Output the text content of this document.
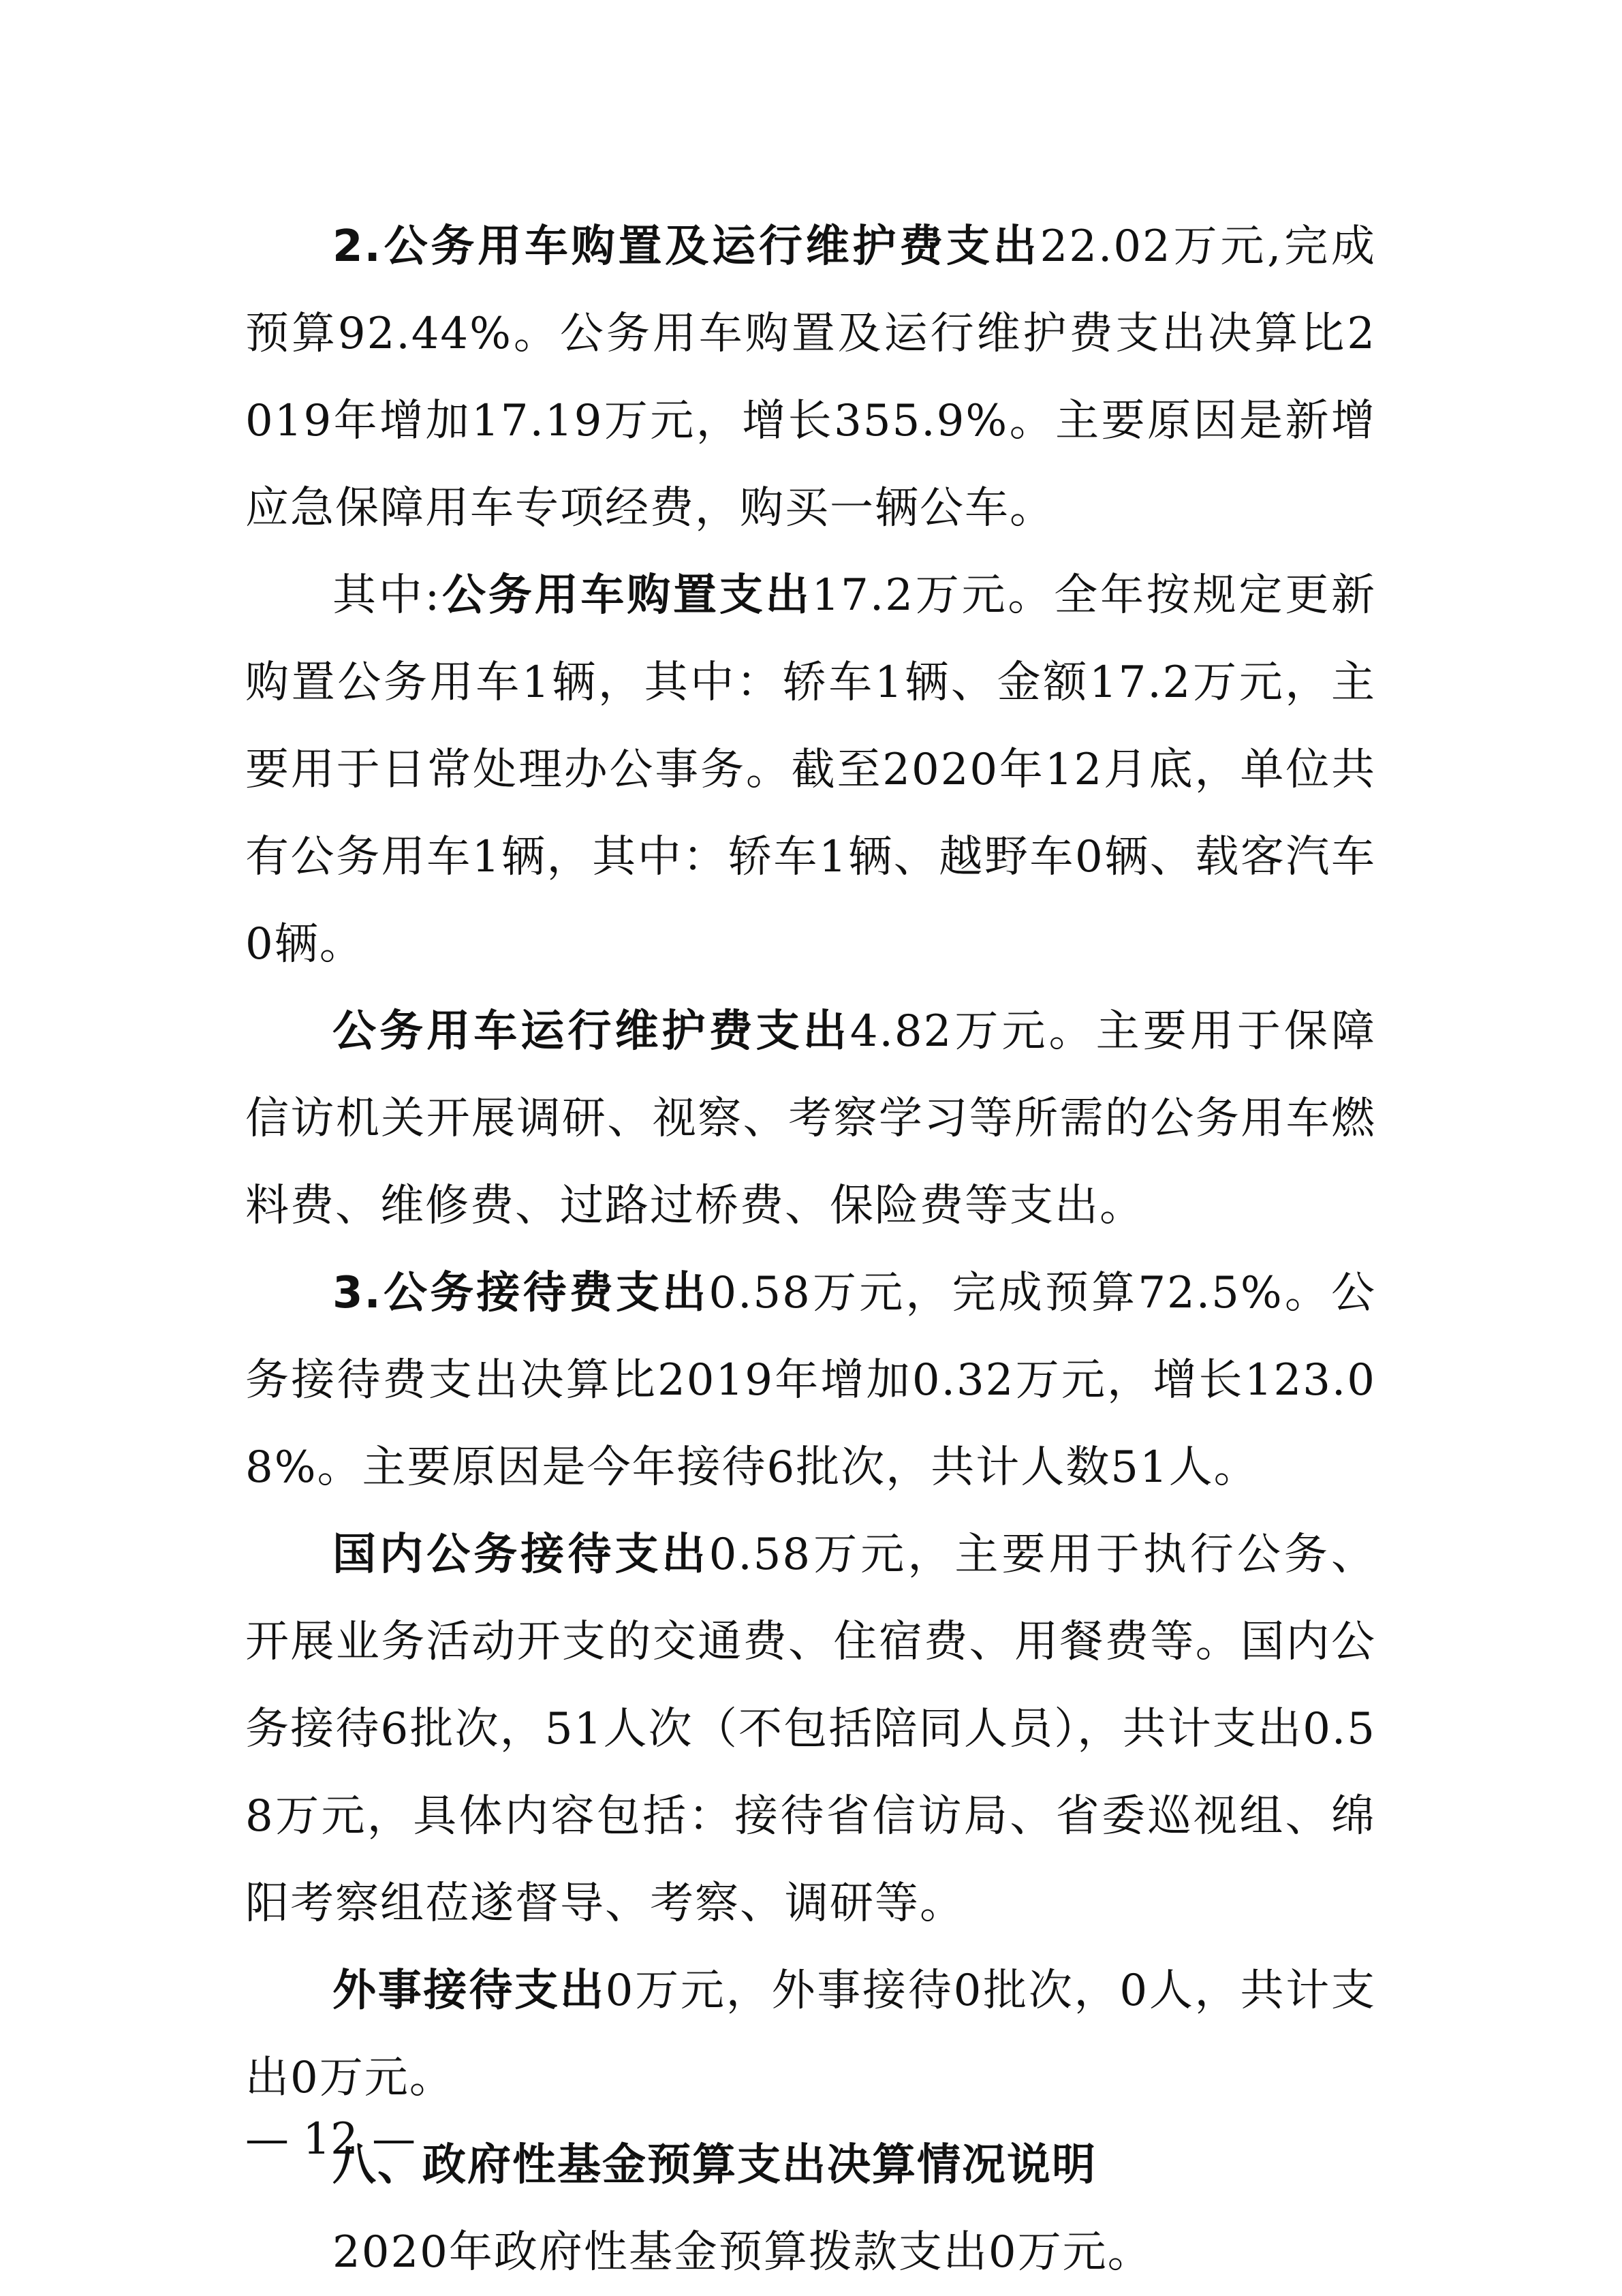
2.公务用车购置及运行维护费支出22.02万元,完成预算92.44%。公务用车购置及运行维护费支出决算比2019年增加17.19万元，增长355.9%。主要原因是新增应急保障用车专项经费，购买一辆公车。

其中:公务用车购置支出17.2万元。全年按规定更新购置公务用车1辆，其中：轿车1辆、金额17.2万元，主要用于日常处理办公事务。截至2020年12月底，单位共有公务用车1辆，其中：轿车1辆、越野车0辆、载客汽车0辆。

公务用车运行维护费支出4.82万元。主要用于保障信访机关开展调研、视察、考察学习等所需的公务用车燃料费、维修费、过路过桥费、保险费等支出。

3.公务接待费支出0.58万元，完成预算72.5%。公务接待费支出决算比2019年增加0.32万元，增长123.08%。主要原因是今年接待6批次，共计人数51人。

国内公务接待支出0.58万元，主要用于执行公务、开展业务活动开支的交通费、住宿费、用餐费等。国内公务接待6批次，51人次（不包括陪同人员），共计支出0.58万元，具体内容包括：接待省信访局、省委巡视组、绵阳考察组莅遂督导、考察、调研等。

外事接待支出0万元，外事接待0批次，0人，共计支出0万元。

八、政府性基金预算支出决算情况说明

2020年政府性基金预算拨款支出0万元。

— 12 —
